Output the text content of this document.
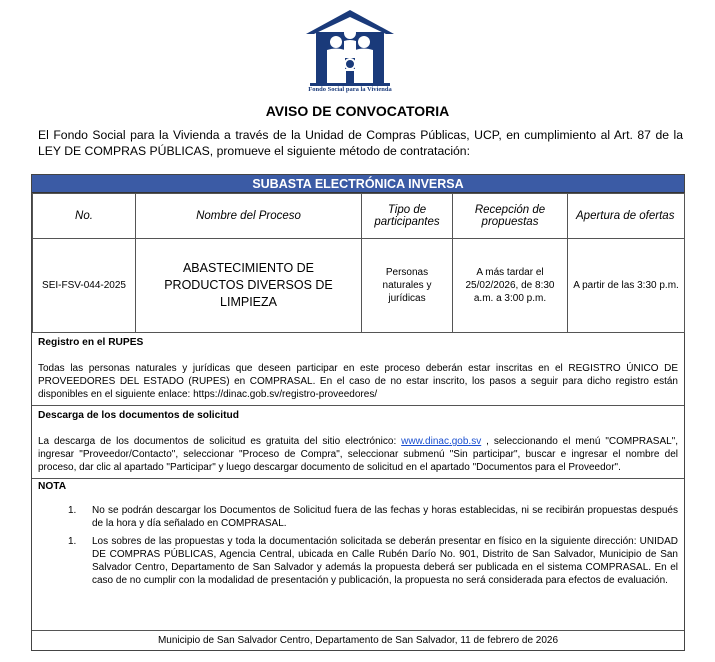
Fondo Social para la Vivienda
AVISO DE CONVOCATORIA
El Fondo Social para la Vivienda a través de la Unidad de Compras Públicas, UCP, en cumplimiento al Art. 87 de la LEY DE COMPRAS PÚBLICAS, promueve el siguiente método de contratación:
SUBASTA ELECTRÓNICA INVERSA
No.	Nombre del Proceso	Tipo de participantes	Recepción de propuestas	Apertura de ofertas
SEI-FSV-044-2025	ABASTECIMIENTO DE PRODUCTOS DIVERSOS DE LIMPIEZA	Personas naturales y jurídicas	A más tardar el 25/02/2026, de 8:30 a.m. a 3:00 p.m.	A partir de las 3:30 p.m.
Registro en el RUPES

Todas las personas naturales y jurídicas que deseen participar en este proceso deberán estar inscritas en el REGISTRO ÚNICO DE PROVEEDORES DEL ESTADO (RUPES) en COMPRASAL. En el caso de no estar inscrito, los pasos a seguir para dicho registro están disponibles en el siguiente enlace: https://dinac.gob.sv/registro-proveedores/

Descarga de los documentos de solicitud

La descarga de los documentos de solicitud es gratuita del sitio electrónico: www.dinac.gob.sv , seleccionando el menú "COMPRASAL", ingresar "Proveedor/Contacto", seleccionar "Proceso de Compra", seleccionar submenú "Sin participar", buscar e ingresar el nombre del proceso, dar clic al apartado "Participar" y luego descargar documento de solicitud en el apartado "Documentos para el Proveedor".

NOTA
1.	No se podrán descargar los Documentos de Solicitud fuera de las fechas y horas establecidas, ni se recibirán propuestas después de la hora y día señalado en COMPRASAL.
1.	Los sobres de las propuestas y toda la documentación solicitada se deberán presentar en físico en la siguiente dirección: UNIDAD DE COMPRAS PÚBLICAS, Agencia Central, ubicada en Calle Rubén Darío No. 901, Distrito de San Salvador, Municipio de San Salvador Centro, Departamento de San Salvador y además la propuesta deberá ser publicada en el sistema COMPRASAL. En el caso de no cumplir con la modalidad de presentación y publicación, la propuesta no será considerada para efectos de evaluación.
Municipio de San Salvador Centro, Departamento de San Salvador, 11 de febrero de 2026
